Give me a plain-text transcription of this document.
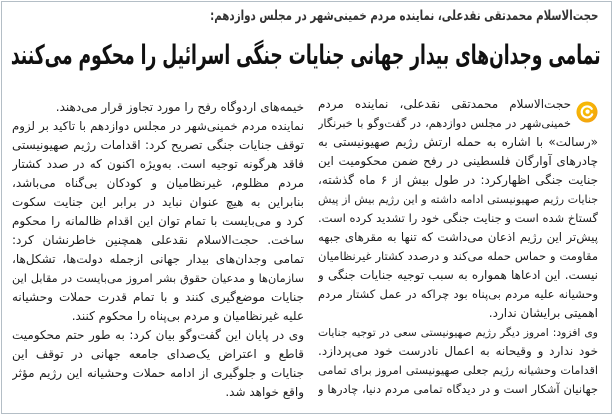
حجت‌الاسلام محمدتقی نقدعلی، نماینده مردم خمینی‌شهر در مجلس دوازدهم:
تمامی وجدان‌های بیدار جهانی جنایات جنگی اسرائیل را محکوم می‌کنند
حجت‌الاسلام محمدتقی نقدعلی، نماینده مردم
خمینی‌شهر در مجلس دوازدهم، در گفت‌وگو با خبرنگار
«رسالت» با اشاره به حمله ارتش رژیم صهیونیستی به
چادرهای آوارگان فلسطینی در رفح ضمن محکومیت این
جنایت جنگی اظهارکرد: در طول بیش از ۶ ماه گذشته،
جنایات رژیم صهیونیستی ادامه داشته و این رژیم بیش از پیش
گستاخ شده است و جنایت جنگی خود را تشدید کرده است.
پیش‌تر این رژیم اذعان می‌داشت که تنها به مقرهای جبهه
مقاومت و حماس حمله می‌کند و درصدد کشتار غیرنظامیان
نیست. این ادعاها همواره به سبب توجیه جنایات جنگی و
وحشیانه علیه مردم بی‌پناه بود چراکه در عمل کشتار مردم
اهمیتی برایشان ندارد.
وی افزود: امروز دیگر رژیم صهیونیستی سعی در توجیه جنایات
خود ندارد و وقیحانه به اعمال نادرست خود می‌پردازد.
اقدامات وحشیانه رژیم جعلی صهیونیستی امروز برای تمامی
جهانیان آشکار است و در دیدگاه تمامی مردم دنیا، چادرها و
خیمه‌های اردوگاه رفح را مورد تجاوز قرار می‌دهند.
نماینده مردم خمینی‌شهر در مجلس دوازدهم با تاکید بر لزوم
توقف جنایات جنگی تصریح کرد: اقدامات رژیم صهیونیستی
فاقد هرگونه توجیه است. به‌ویژه اکنون که در صدد کشتار
مردم مظلوم، غیرنظامیان و کودکان بی‌گناه می‌باشد،
بنابراین به هیچ عنوان نباید در برابر این جنایت سکوت
کرد و می‌بایست با تمام توان این اقدام ظالمانه را محکوم
ساخت. حجت‌الاسلام نقدعلی همچنین خاطرنشان کرد:
تمامی وجدان‌های بیدار جهانی ازجمله دولت‌ها، تشکل‌ها،
سازمان‌ها و مدعیان حقوق بشر امروز می‌بایست در مقابل این
جنایات موضع‌گیری کنند و با تمام قدرت حملات وحشیانه
علیه غیرنظامیان و مردم بی‌پناه را محکوم کنند.
وی در پایان این گفت‌وگو بیان کرد: به طور حتم محکومیت
قاطع و اعتراض یک‌صدای جامعه جهانی در توقف این
جنایات و جلوگیری از ادامه حملات وحشیانه این رژیم مؤثر
واقع خواهد شد.
